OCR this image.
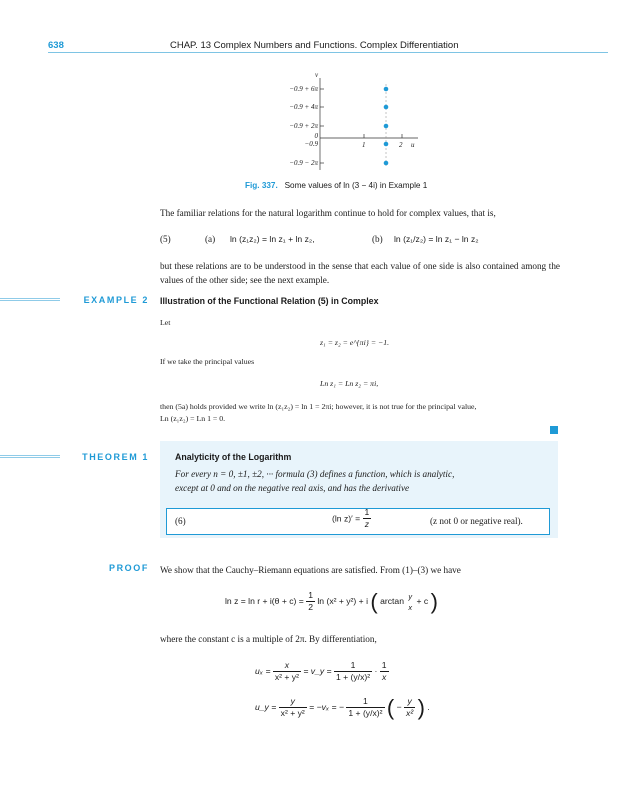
638	CHAP. 13 Complex Numbers and Functions. Complex Differentiation
v
u
−0.9 + 6π
−0.9 + 4π
−0.9 + 2π
0
−0.9
−0.9 − 2π
1	2
Fig. 337. Some values of ln (3 − 4i) in Example 1
The familiar relations for the natural logarithm continue to hold for complex values, that is,
(5)	(a) ln (z₁z₂) = ln z₁ + ln z₂,	(b) ln (z₁/z₂) = ln z₁ − ln z₂
but these relations are to be understood in the sense that each value of one side is also contained among the values of the other side; see the next example.
EXAMPLE 2 Illustration of the Functional Relation (5) in Complex
Let
z₁ = z₂ = e^{πi} = −1.
If we take the principal values
Ln z₁ = Ln z₂ = πi,
then (5a) holds provided we write ln (z₁z₂) = ln 1 = 2πi; however, it is not true for the principal value,
Ln (z₁z₂) = Ln 1 = 0.
THEOREM 1	Analyticity of the Logarithm
For every n = 0, ±1, ±2, ··· formula (3) defines a function, which is analytic,
except at 0 and on the negative real axis, and has the derivative
(6)	(ln $z)' = \frac{1}{z}$	(z not 0 or negative real).
PROOF We show that the Cauchy–Riemann equations are satisfied. From (1)–(3) we have
$\ln z = \ln r + i(\theta + c) = \frac{1}{2}$ ln (x² + y²) + i ( arctan y
x
+ c )
where the constant c is a multiple of 2π. By differentiation,
$u_x = \frac{x}{\text{x² + y²}}$ = v_y = $\frac{1}{\text{1 + (y/x)²}} \cdot \frac{1}{x}$
u_y = $\frac{y}{\text{x² + y²}} = -v_x$ = − $\frac{1}{\text{1 + (y/x)²}}$ ( − $\frac{y}{\text{x²}}$ ) .
